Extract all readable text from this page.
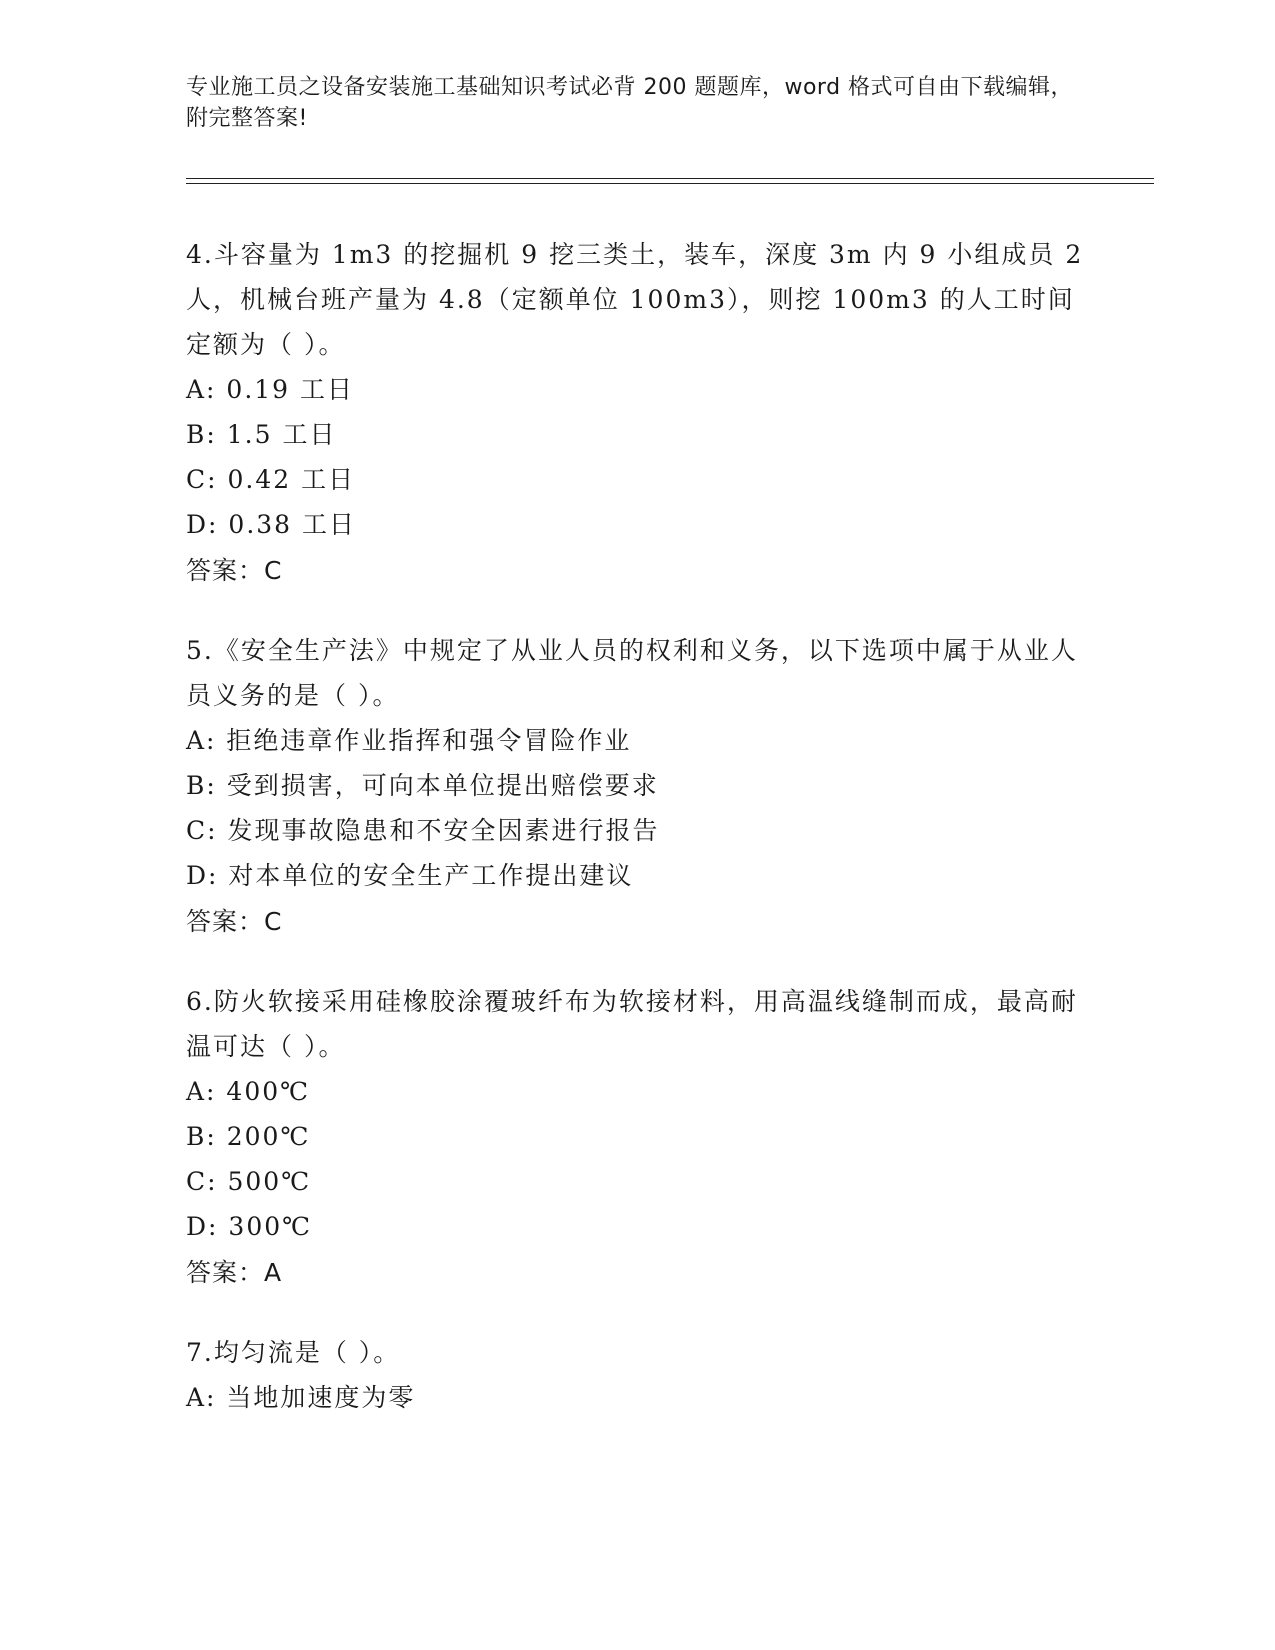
专业施工员之设备安装施工基础知识考试必背 200 题题库，word 格式可自由下载编辑，附完整答案!

4.斗容量为 1m3 的挖掘机 9 挖三类土，装车，深度 3m 内 9 小组成员 2 人，机械台班产量为 4.8（定额单位 100m3），则挖 100m3 的人工时间定额为（ ）。

A: 0.19 工日
B: 1.5 工日
C: 0.42 工日
D: 0.38 工日
答案：C

5.《安全生产法》中规定了从业人员的权利和义务，以下选项中属于从业人员义务的是（ ）。

A: 拒绝违章作业指挥和强令冒险作业
B: 受到损害，可向本单位提出赔偿要求
C: 发现事故隐患和不安全因素进行报告
D: 对本单位的安全生产工作提出建议
答案：C

6.防火软接采用硅橡胶涂覆玻纤布为软接材料，用高温线缝制而成，最高耐温可达（ ）。

A: 400℃
B: 200℃
C: 500℃
D: 300℃
答案：A

7.均匀流是（ ）。

A: 当地加速度为零
